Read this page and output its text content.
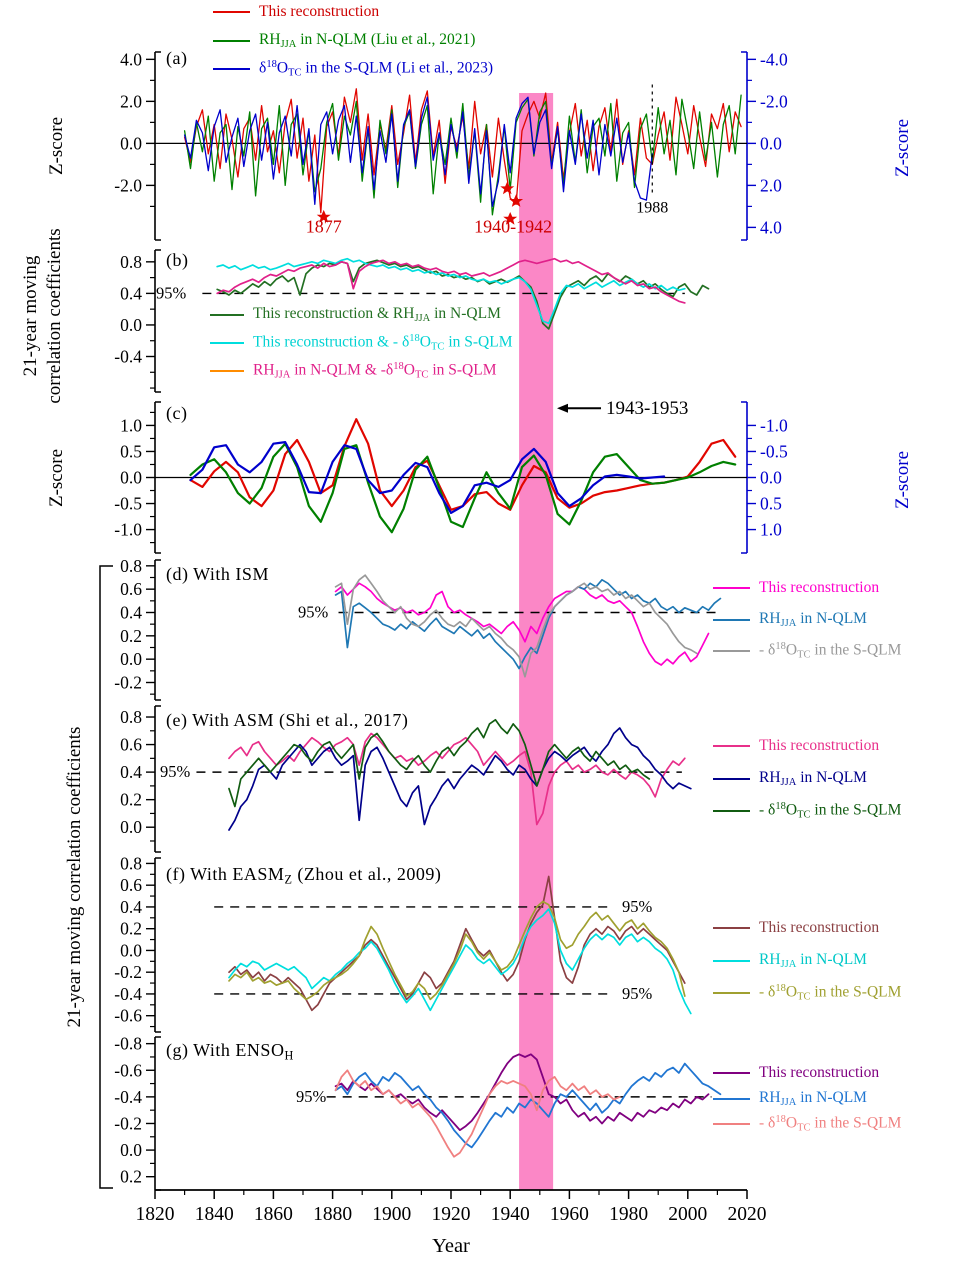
4.0
2.0
0.0
-2.0
-4.0
-2.0
0.0
2.0
4.0
1877	1940-1942
1988
0.8
0.4
0.0
-0.4
95%
1.0
0.5
0.0
-0.5
-1.0
-1.0
-0.5
0.0
0.5
1.0
1943-1953
0.8
0.6
0.4
0.2
0.0
-0.2
95%
0.8
0.6
0.4
0.2
0.0
95%
0.8
0.6
0.4
0.2
0.0
-0.2
-0.4
-0.6
95%
95%
-0.8
-0.6
-0.4
-0.2
0.0
0.2
95%
1820 1840 1860 1880 1900 1920 1940 1960 1980 2000 2020
Year
Z-score
21-year moving correlation coefficients
Z-score
21-year moving correlation coefficients
Z-score
Z-score
(a)
(b)
(c)
(d) With ISM
(e) With ASM (Shi et al., 2017)
(f) With $EASM_Z$ (Zhou et al., 2009)
(g) With $ENSO_H$
This reconstruction
$RH_{JJA}$ in N-QLM (Liu et al., 2021)
$\delta^{18}O_{TC}$ in the S-QLM (Li et al., 2023)
This reconstruction & $RH_{JJA}$ in N-QLM
This reconstruction & - $\delta^{18}O_{TC}$ in S-QLM
$RH_{JJA}$ in N-QLM & $-\delta^{18}O_{TC}$ in S-QLM
This reconstruction
$RH_{JJA}$ in N-QLM
- $\delta^{18}O_{TC}$ in the S-QLM
This reconstruction
$RH_{JJA}$ in N-QLM
- $\delta^{18}O_{TC}$ in the S-QLM
This reconstruction
$RH_{JJA}$ in N-QLM
- $\delta^{18}O_{TC}$ in the S-QLM
This reconstruction
$RH_{JJA}$ in N-QLM
- $\delta^{18}O_{TC}$ in the S-QLM
